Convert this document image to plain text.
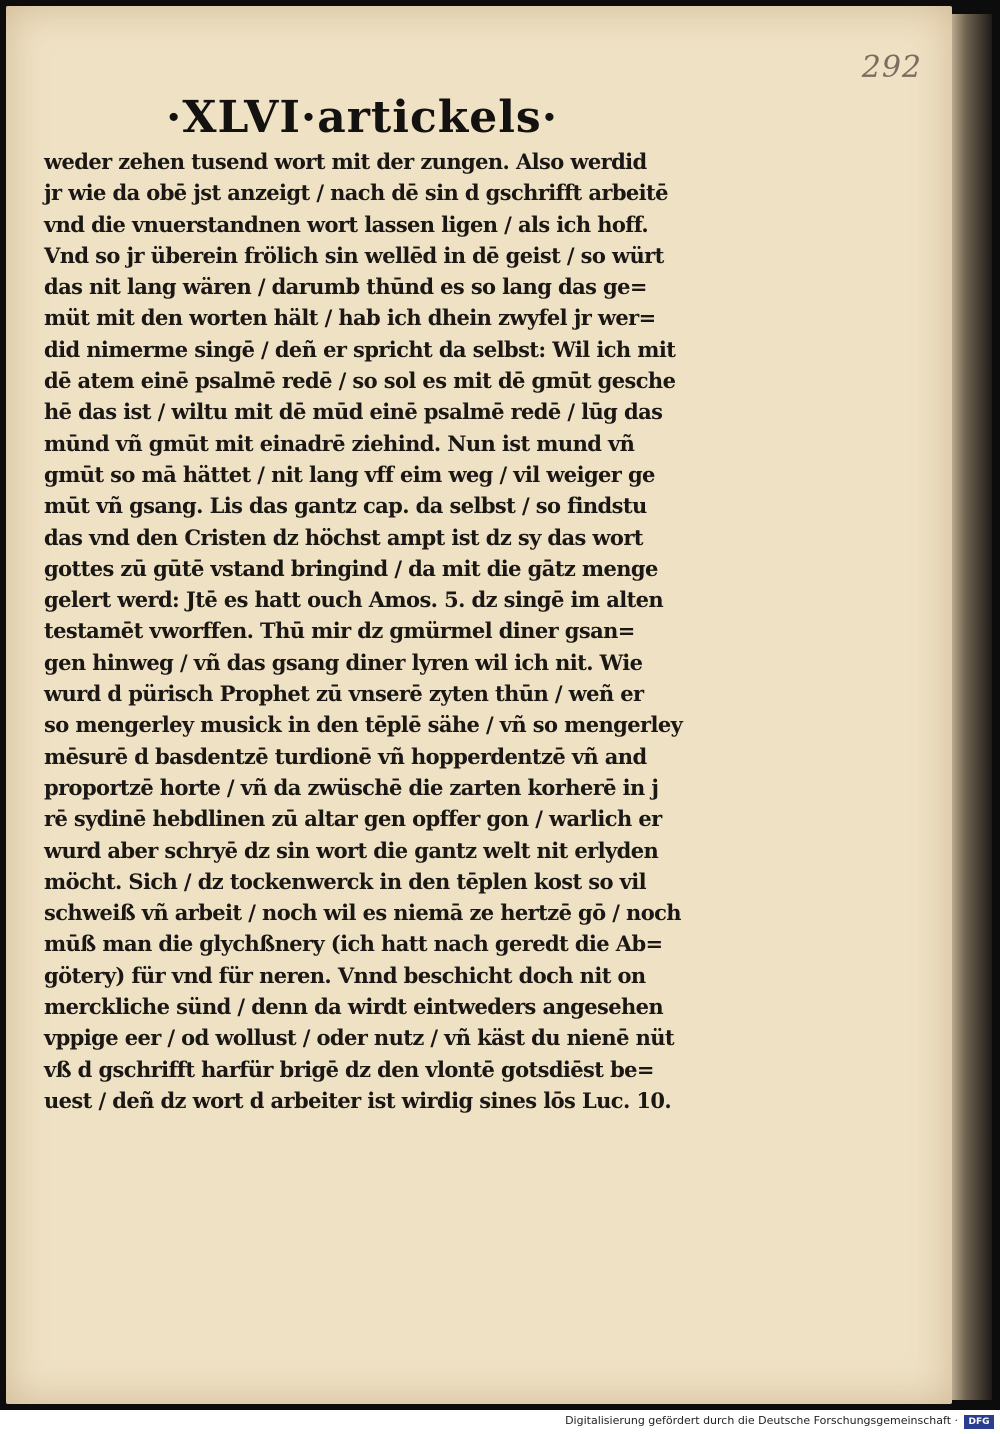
292
·XLVI·artickels·
weder zehen tusend wort mit der zungen. Also werdid
jr wie da obē jst anzeigt / nach dē sin d gschrifft arbeitē
vnd die vnuerstandnen wort lassen ligen / als ich hoff.
Vnd so jr überein frölich sin wellēd in dē geist / so würt
das nit lang wären / darumb thūnd es so lang das ge=
müt mit den worten hält / hab ich dhein zwyfel jr wer=
did nimerme singē / deñ er spricht da selbst: Wil ich mit
dē atem einē psalmē redē / so sol es mit dē gmūt gesche
hē das ist / wiltu mit dē mūd einē psalmē redē / lūg das
mūnd vñ gmūt mit einadrē ziehind. Nun ist mund vñ
gmūt so mā hättet / nit lang vff eim weg / vil weiger ge
mūt vñ gsang. Lis das gantz cap. da selbst / so findstu
das vnd den Cristen dz höchst ampt ist dz sy das wort
gottes zū gūtē vstand bringind / da mit die gātz menge
gelert werd: Jtē es hatt ouch Amos. 5. dz singē im alten
testamēt vworffen. Thū mir dz gmürmel diner gsan=
gen hinweg / vñ das gsang diner lyren wil ich nit. Wie
wurd d pürisch Prophet zū vnserē zyten thūn / weñ er
so mengerley musick in den tēplē sähe / vñ so mengerley
mēsurē d basdentzē turdionē vñ hopperdentzē vñ and
proportzē horte / vñ da zwüschē die zarten korherē in j
rē sydinē hebdlinen zū altar gen opffer gon / warlich er
wurd aber schryē dz sin wort die gantz welt nit erlyden
möcht. Sich / dz tockenwerck in den tēplen kost so vil
schweiß vñ arbeit / noch wil es niemā ze hertzē gō / noch
mūß man die glychßnery (ich hatt nach geredt die Ab=
götery) für vnd für neren. Vnnd beschicht doch nit on
merckliche sünd / denn da wirdt eintweders angesehen
vppige eer / od wollust / oder nutz / vñ käst du nienē nüt
vß d gschrifft harfür brigē dz den vlontē gotsdiēst be=
uest / deñ dz wort d arbeiter ist wirdig sines lōs Luc. 10.
Digitalisierung gefördert durch die Deutsche Forschungsgemeinschaft ·	DFG
